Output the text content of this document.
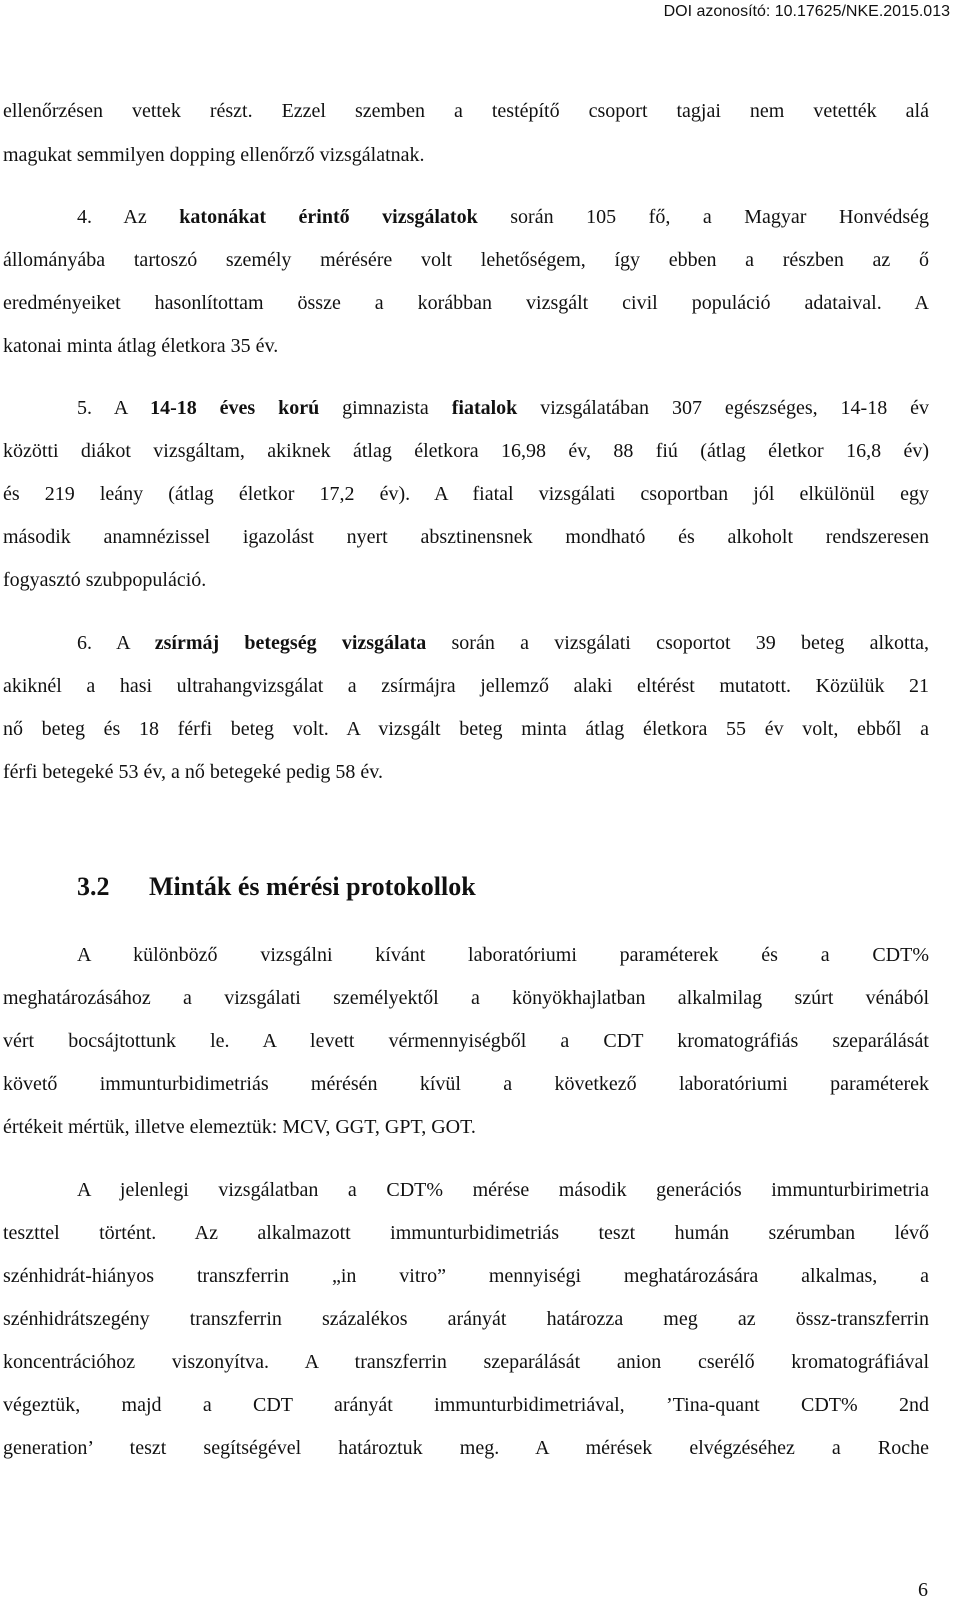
DOI azonosító: 10.17625/NKE.2015.013

ellenőrzésen vettek részt. Ezzel szemben a testépítő csoport tagjai nem vetették alá

magukat semmilyen dopping ellenőrző vizsgálatnak.

4. Az katonákat érintő vizsgálatok során 105 fő, a Magyar Honvédség

állományába tartoszó személy mérésére volt lehetőségem, így ebben a részben az ő

eredményeiket hasonlítottam össze a korábban vizsgált civil populáció adataival. A

katonai minta átlag életkora 35 év.

5. A 14-18 éves korú gimnazista fiatalok vizsgálatában 307 egészséges, 14-18 év

közötti diákot vizsgáltam, akiknek átlag életkora 16,98 év, 88 fiú (átlag életkor 16,8 év)

és 219 leány (átlag életkor 17,2 év). A fiatal vizsgálati csoportban jól elkülönül egy

második anamnézissel igazolást nyert absztinensnek mondható és alkoholt rendszeresen

fogyasztó szubpopuláció.

6. A zsírmáj betegség vizsgálata során a vizsgálati csoportot 39 beteg alkotta,

akiknél a hasi ultrahangvizsgálat a zsírmájra jellemző alaki eltérést mutatott. Közülük 21

nő beteg és 18 férfi beteg volt. A vizsgált beteg minta átlag életkora 55 év volt, ebből a

férfi betegeké 53 év, a nő betegeké pedig 58 év.

3.2 Minták és mérési protokollok

A különböző vizsgálni kívánt laboratóriumi paraméterek és a CDT%

meghatározásához a vizsgálati személyektől a könyökhajlatban alkalmilag szúrt vénából

vért bocsájtottunk le. A levett vérmennyiségből a CDT kromatográfiás szeparálását

követő immunturbidimetriás mérésén kívül a következő laboratóriumi paraméterek

értékeit mértük, illetve elemeztük: MCV, GGT, GPT, GOT.

A jelenlegi vizsgálatban a CDT% mérése második generációs immunturbirimetria

teszttel történt. Az alkalmazott immunturbidimetriás teszt humán szérumban lévő

szénhidrát-hiányos transzferrin „in vitro” mennyiségi meghatározására alkalmas, a

szénhidrátszegény transzferrin százalékos arányát határozza meg az össz-transzferrin

koncentrációhoz viszonyítva. A transzferrin szeparálását anion cserélő kromatográfiával

végeztük, majd a CDT arányát immunturbidimetriával, ’Tina-quant CDT% 2nd

generation’ teszt segítségével határoztuk meg. A mérések elvégzéséhez a Roche

6
